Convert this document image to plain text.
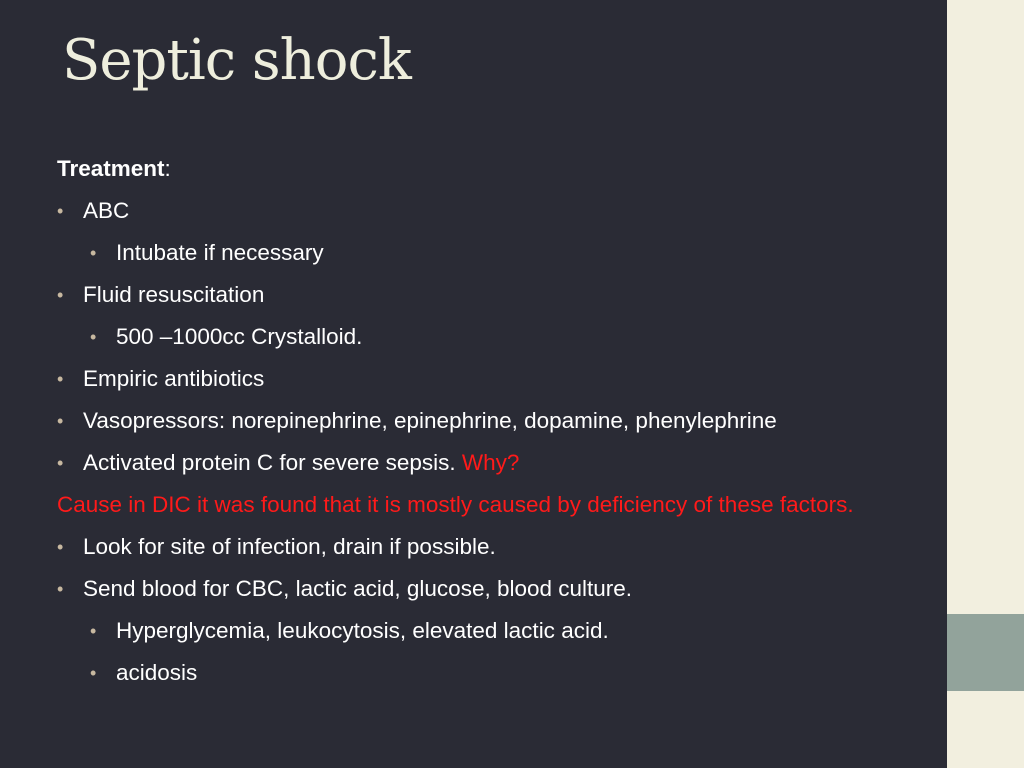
Septic shock
Treatment:
• ABC
• Intubate if necessary
• Fluid resuscitation
• 500 –1000cc Crystalloid.
• Empiric antibiotics
• Vasopressors: norepinephrine, epinephrine, dopamine, phenylephrine
• Activated protein C for severe sepsis. Why?
Cause in DIC it was found that it is mostly caused by deficiency of these factors.
• Look for site of infection, drain if possible.
• Send blood for CBC, lactic acid, glucose, blood culture.
• Hyperglycemia, leukocytosis, elevated lactic acid.
• acidosis
